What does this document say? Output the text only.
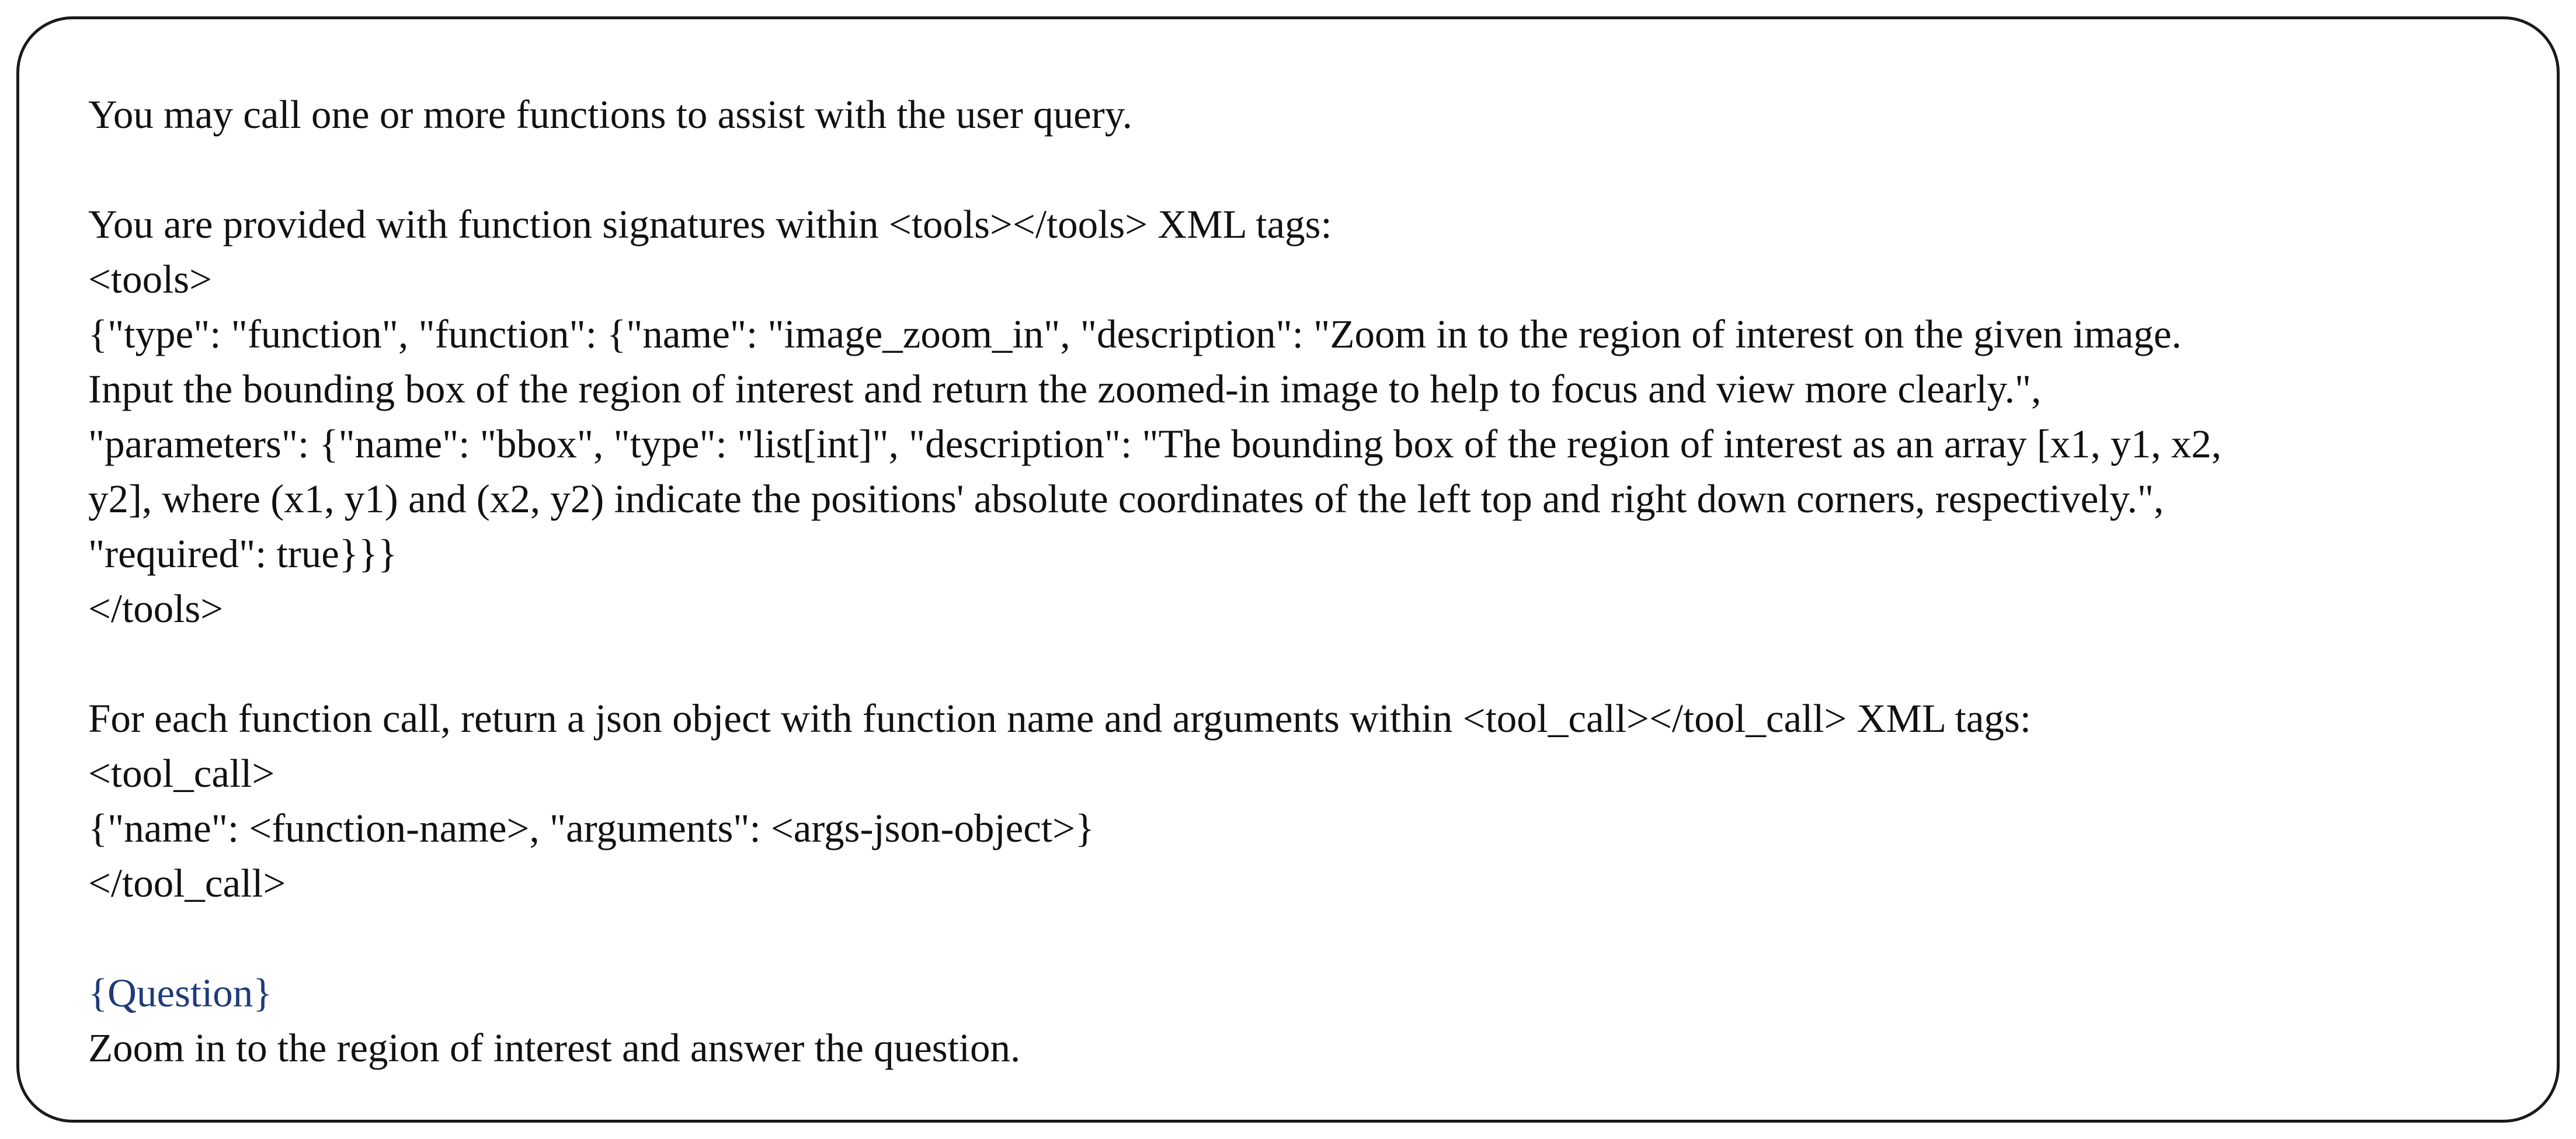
You may call one or more functions to assist with the user query.

You are provided with function signatures within <tools></tools> XML tags:

<tools>

{"type": "function", "function": {"name": "image_zoom_in", "description": "Zoom in to the region of interest on the given image.

Input the bounding box of the region of interest and return the zoomed-in image to help to focus and view more clearly.",

"parameters": {"name": "bbox", "type": "list[int]", "description": "The bounding box of the region of interest as an array [x1, y1, x2,

y2], where (x1, y1) and (x2, y2) indicate the positions' absolute coordinates of the left top and right down corners, respectively.",

"required": true}}}

</tools>

For each function call, return a json object with function name and arguments within <tool_call></tool_call> XML tags:

<tool_call>

{"name": <function-name>, "arguments": <args-json-object>}

</tool_call>

{Question}

Zoom in to the region of interest and answer the question.
